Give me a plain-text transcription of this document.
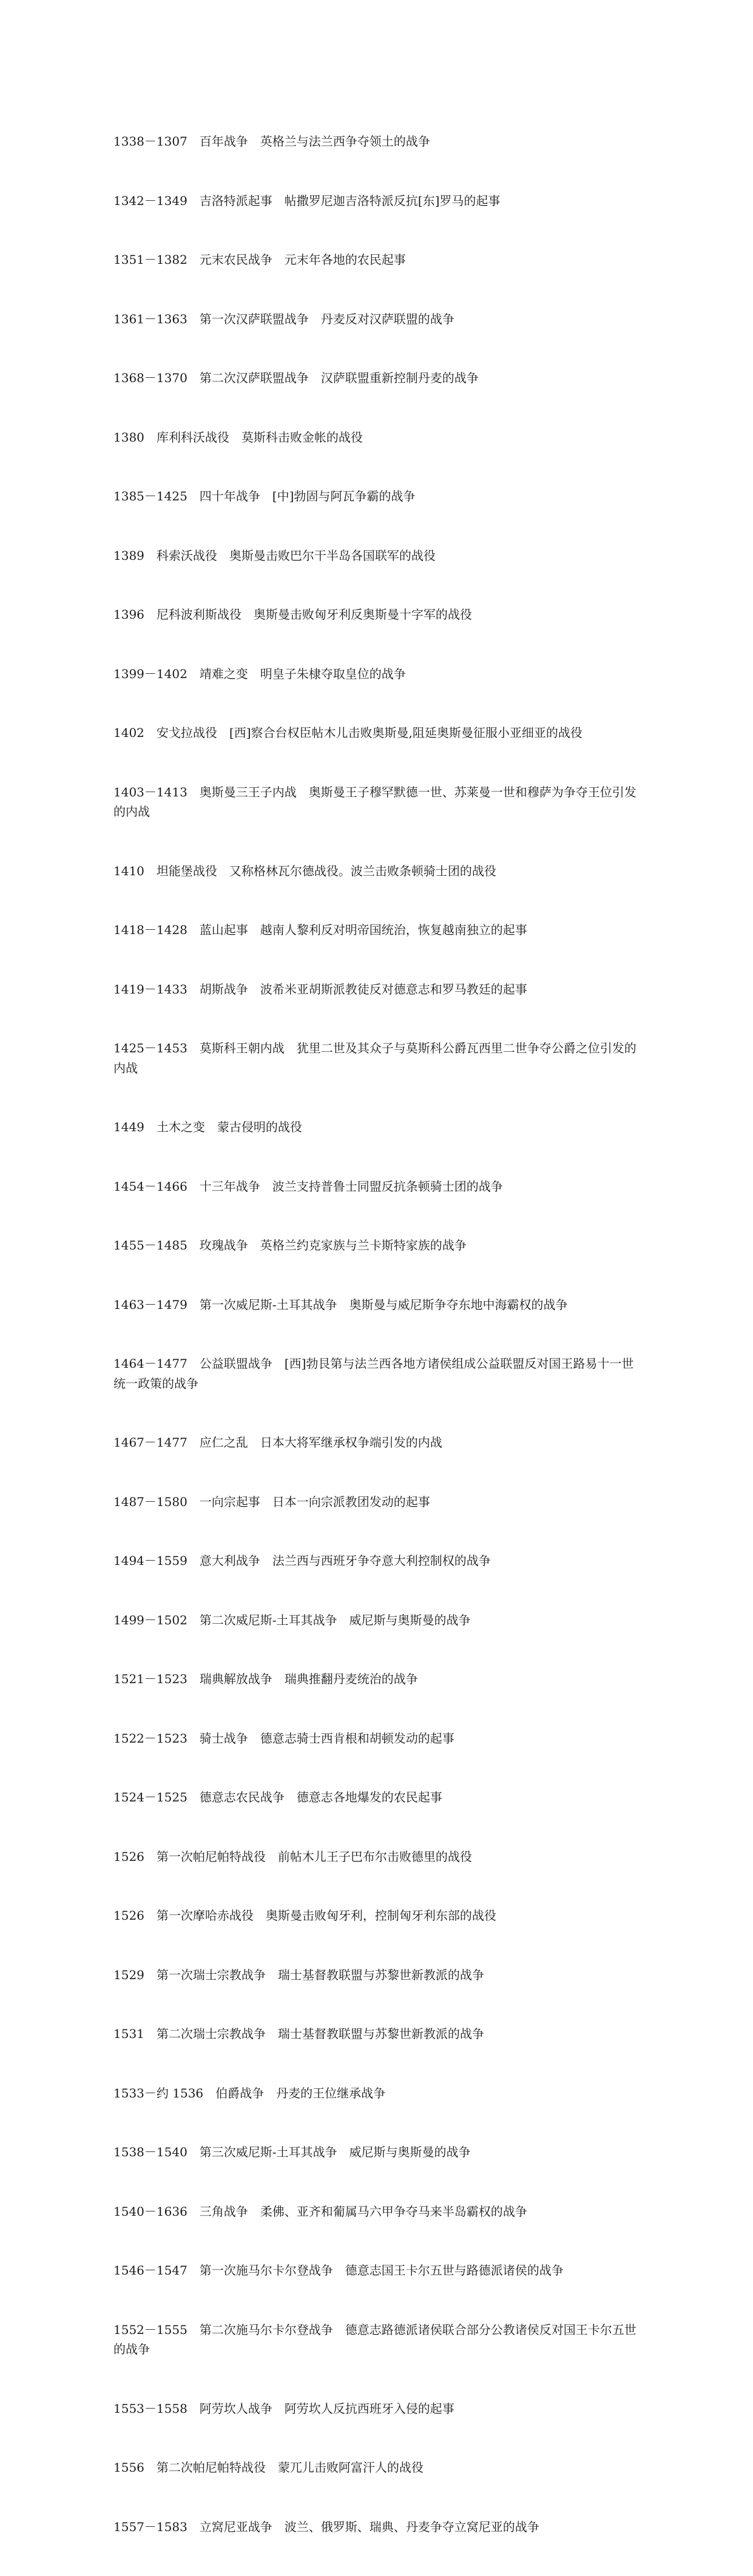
1338－1307　百年战争　英格兰与法兰西争夺领土的战争

1342－1349　吉洛特派起事　帖撒罗尼迦吉洛特派反抗[东]罗马的起事

1351－1382　元末农民战争　元末年各地的农民起事

1361－1363　第一次汉萨联盟战争　丹麦反对汉萨联盟的战争

1368－1370　第二次汉萨联盟战争　汉萨联盟重新控制丹麦的战争

1380　库利科沃战役　莫斯科击败金帐的战役

1385－1425　四十年战争　[中]勃固与阿瓦争霸的战争

1389　科索沃战役　奥斯曼击败巴尔干半岛各国联军的战役

1396　尼科波利斯战役　奥斯曼击败匈牙利反奥斯曼十字军的战役

1399－1402　靖难之变　明皇子朱棣夺取皇位的战争

1402　安戈拉战役　[西]察合台权臣帖木儿击败奥斯曼,阻延奥斯曼征服小亚细亚的战役

1403－1413　奥斯曼三王子内战　奥斯曼王子穆罕默德一世、苏莱曼一世和穆萨为争夺王位引发的内战

1410　坦能堡战役　又称格林瓦尔德战役。波兰击败条顿骑士团的战役

1418－1428　蓝山起事　越南人黎利反对明帝国统治，恢复越南独立的起事

1419－1433　胡斯战争　波希米亚胡斯派教徒反对德意志和罗马教廷的起事

1425－1453　莫斯科王朝内战　犹里二世及其众子与莫斯科公爵瓦西里二世争夺公爵之位引发的内战

1449　土木之变　蒙古侵明的战役

1454－1466　十三年战争　波兰支持普鲁士同盟反抗条顿骑士团的战争

1455－1485　玫瑰战争　英格兰约克家族与兰卡斯特家族的战争

1463－1479　第一次威尼斯-土耳其战争　奥斯曼与威尼斯争夺东地中海霸权的战争

1464－1477　公益联盟战争　[西]勃艮第与法兰西各地方诸侯组成公益联盟反对国王路易十一世统一政策的战争

1467－1477　应仁之乱　日本大将军继承权争端引发的内战

1487－1580　一向宗起事　日本一向宗派教团发动的起事

1494－1559　意大利战争　法兰西与西班牙争夺意大利控制权的战争

1499－1502　第二次威尼斯-土耳其战争　威尼斯与奥斯曼的战争

1521－1523　瑞典解放战争　瑞典推翻丹麦统治的战争

1522－1523　骑士战争　德意志骑士西肯根和胡顿发动的起事

1524－1525　德意志农民战争　德意志各地爆发的农民起事

1526　第一次帕尼帕特战役　前帖木儿王子巴布尔击败德里的战役

1526　第一次摩哈赤战役　奥斯曼击败匈牙利，控制匈牙利东部的战役

1529　第一次瑞士宗教战争　瑞士基督教联盟与苏黎世新教派的战争

1531　第二次瑞士宗教战争　瑞士基督教联盟与苏黎世新教派的战争

1533－约 1536　伯爵战争　丹麦的王位继承战争

1538－1540　第三次威尼斯-土耳其战争　威尼斯与奥斯曼的战争

1540－1636　三角战争　柔佛、亚齐和葡属马六甲争夺马来半岛霸权的战争

1546－1547　第一次施马尔卡尔登战争　德意志国王卡尔五世与路德派诸侯的战争

1552－1555　第二次施马尔卡尔登战争　德意志路德派诸侯联合部分公教诸侯反对国王卡尔五世的战争

1553－1558　阿劳坎人战争　阿劳坎人反抗西班牙入侵的起事

1556　第二次帕尼帕特战役　蒙兀儿击败阿富汗人的战役

1557－1583　立窝尼亚战争　波兰、俄罗斯、瑞典、丹麦争夺立窝尼亚的战争
